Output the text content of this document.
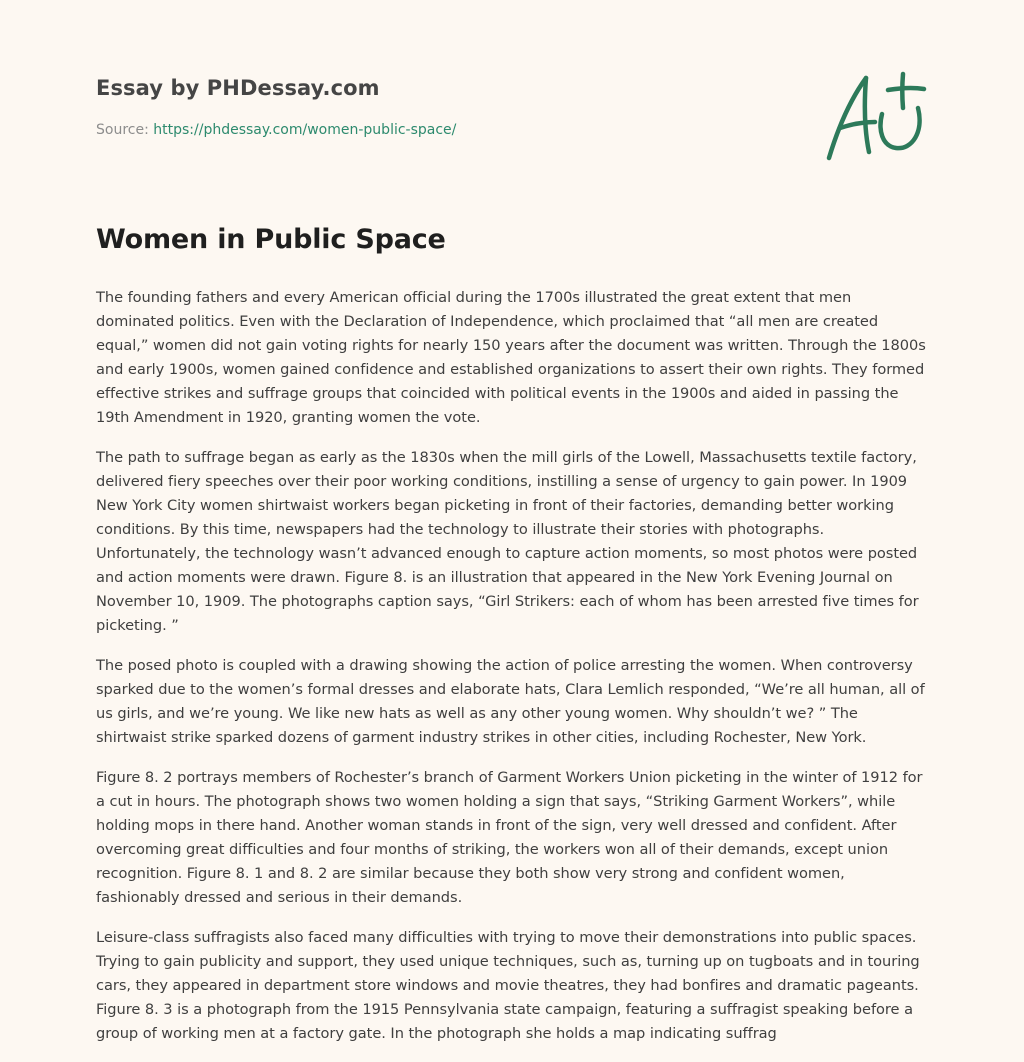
Essay by PHDessay.com
Source: https://phdessay.com/women-public-space/
Women in Public Space

The founding fathers and every American official during the 1700s illustrated the great extent that men dominated politics. Even with the Declaration of Independence, which proclaimed that “all men are created equal,” women did not gain voting rights for nearly 150 years after the document was written. Through the 1800s and early 1900s, women gained confidence and established organizations to assert their own rights. They formed effective strikes and suffrage groups that coincided with political events in the 1900s and aided in passing the 19th Amendment in 1920, granting women the vote.

The path to suffrage began as early as the 1830s when the mill girls of the Lowell, Massachusetts textile factory, delivered fiery speeches over their poor working conditions, instilling a sense of urgency to gain power. In 1909 New York City women shirtwaist workers began picketing in front of their factories, demanding better working conditions. By this time, newspapers had the technology to illustrate their stories with photographs. Unfortunately, the technology wasn’t advanced enough to capture action moments, so most photos were posted and action moments were drawn. Figure 8. is an illustration that appeared in the New York Evening Journal on November 10, 1909. The photographs caption says, “Girl Strikers: each of whom has been arrested five times for picketing. ”

The posed photo is coupled with a drawing showing the action of police arresting the women. When controversy sparked due to the women’s formal dresses and elaborate hats, Clara Lemlich responded, “We’re all human, all of us girls, and we’re young. We like new hats as well as any other young women. Why shouldn’t we? ” The shirtwaist strike sparked dozens of garment industry strikes in other cities, including Rochester, New York.

Figure 8. 2 portrays members of Rochester’s branch of Garment Workers Union picketing in the winter of 1912 for a cut in hours. The photograph shows two women holding a sign that says, “Striking Garment Workers”, while holding mops in there hand. Another woman stands in front of the sign, very well dressed and confident. After overcoming great difficulties and four months of striking, the workers won all of their demands, except union recognition. Figure 8. 1 and 8. 2 are similar because they both show very strong and confident women, fashionably dressed and serious in their demands.

Leisure-class suffragists also faced many difficulties with trying to move their demonstrations into public spaces. Trying to gain publicity and support, they used unique techniques, such as, turning up on tugboats and in touring cars, they appeared in department store windows and movie theatres, they had bonfires and dramatic pageants. Figure 8. 3 is a photograph from the 1915 Pennsylvania state campaign, featuring a suffragist speaking before a group of working men at a factory gate. In the photograph she holds a map indicating suffrag
